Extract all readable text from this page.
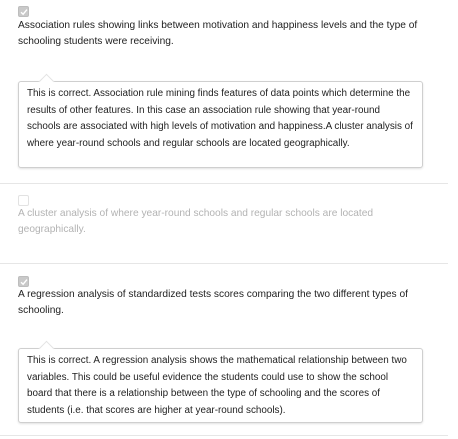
Association rules showing links between motivation and happiness levels and the type of schooling students were receiving.
This is correct. Association rule mining finds features of data points which determine the results of other features. In this case an association rule showing that year-round schools are associated with high levels of motivation and happiness.A cluster analysis of where year-round schools and regular schools are located geographically.
A cluster analysis of where year-round schools and regular schools are located geographically.
A regression analysis of standardized tests scores comparing the two different types of schooling.
This is correct. A regression analysis shows the mathematical relationship between two variables. This could be useful evidence the students could use to show the school board that there is a relationship between the type of schooling and the scores of students (i.e. that scores are higher at year-round schools).
